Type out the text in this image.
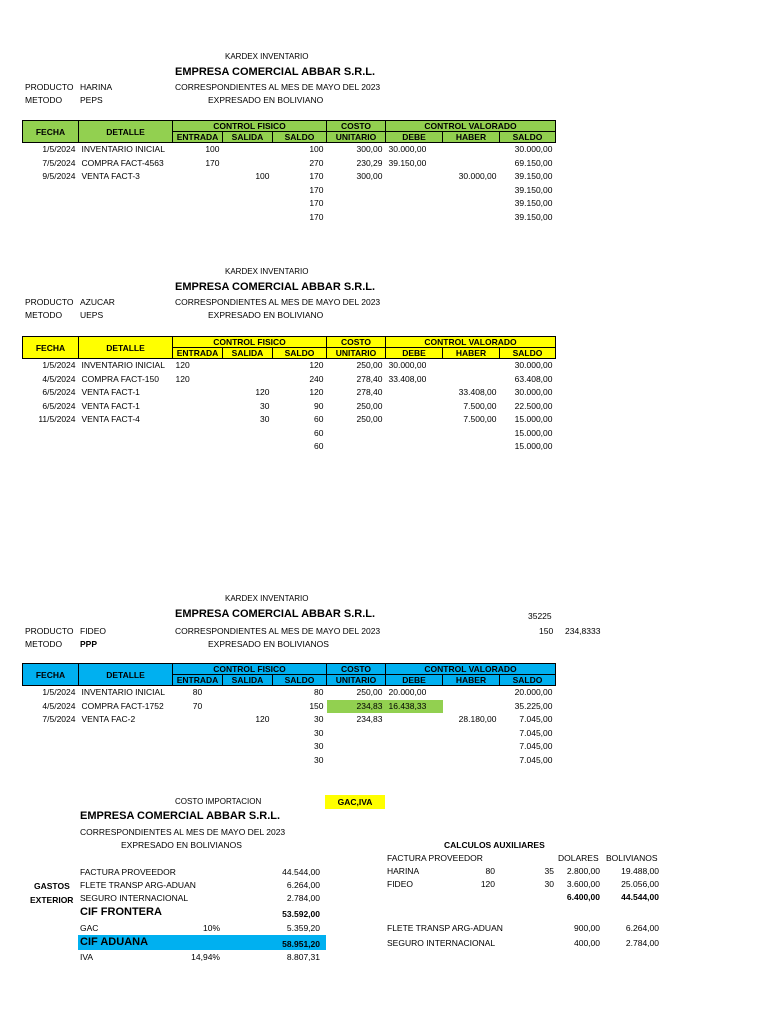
KARDEX INVENTARIO
EMPRESA COMERCIAL ABBAR S.R.L.
PRODUCTO HARINA	CORRESPONDIENTES AL MES DE MAYO DEL 2023
METODO PEPS	EXPRESADO EN BOLIVIANO
FECHA	DETALLE	CONTROL FISICO			COSTO	CONTROL VALORADO		
		ENTRADA	SALIDA	SALDO	UNITARIO	DEBE	HABER	SALDO
1/5/2024	INVENTARIO INICIAL	100		100	300,00	30.000,00		30.000,00
7/5/2024	COMPRA FACT-4563	170		270	230,29	39.150,00		69.150,00
9/5/2024	VENTA FACT-3		100	170	300,00		30.000,00	39.150,00
				170				39.150,00
				170				39.150,00
				170				39.150,00
KARDEX INVENTARIO
EMPRESA COMERCIAL ABBAR S.R.L.
PRODUCTO AZUCAR	CORRESPONDIENTES AL MES DE MAYO DEL 2023
METODO UEPS	EXPRESADO EN BOLIVIANO
FECHA	DETALLE	CONTROL FISICO			COSTO	CONTROL VALORADO		
		ENTRADA	SALIDA	SALDO	UNITARIO	DEBE	HABER	SALDO
1/5/2024	INVENTARIO INICIAL	120		120	250,00	30.000,00		30.000,00
4/5/2024	COMPRA FACT-150	120		240	278,40	33.408,00		63.408,00
6/5/2024	VENTA FACT-1		120	120	278,40		33.408,00	30.000,00
6/5/2024	VENTA FACT-1		30	90	250,00		7.500,00	22.500,00
11/5/2024	VENTA FACT-4		30	60	250,00		7.500,00	15.000,00
				60				15.000,00
				60				15.000,00
KARDEX INVENTARIO
EMPRESA COMERCIAL ABBAR S.R.L.	35225
PRODUCTO FIDEO	CORRESPONDIENTES AL MES DE MAYO DEL 2023	150 234,8333
METODO PPP	EXPRESADO EN BOLIVIANOS
FECHA	DETALLE	CONTROL FISICO			COSTO	CONTROL VALORADO		
		ENTRADA	SALIDA	SALDO	UNITARIO	DEBE	HABER	SALDO
1/5/2024	INVENTARIO INICIAL	80		80	250,00	20.000,00		20.000,00
4/5/2024	COMPRA FACT-1752	70		150	234,83	16.438,33		35.225,00
7/5/2024	VENTA FAC-2		120	30	234,83		28.180,00	7.045,00
				30				7.045,00
				30				7.045,00
				30				7.045,00
COSTO IMPORTACION	GAC,IVA
EMPRESA COMERCIAL ABBAR S.R.L.
CORRESPONDIENTES AL MES DE MAYO DEL 2023
EXPRESADO EN BOLIVIANOS
GASTOS
EXTERIOR
FACTURA PROVEEDOR	44.544,00
FLETE TRANSP ARG-ADUAN	6.264,00
SEGURO INTERNACIONAL	2.784,00
CIF FRONTERA	53.592,00
GAC	10%	5.359,20
CIF ADUANA	58.951,20
IVA	14,94%	8.807,31
CALCULOS AUXILIARES
FACTURA PROVEEDOR	DOLARES BOLIVIANOS
HARINA	80	35	2.800,00	19.488,00
FIDEO	120	30	3.600,00	25.056,00
6.400,00	44.544,00
FLETE TRANSP ARG-ADUAN	900,00	6.264,00
SEGURO INTERNACIONAL	400,00	2.784,00
